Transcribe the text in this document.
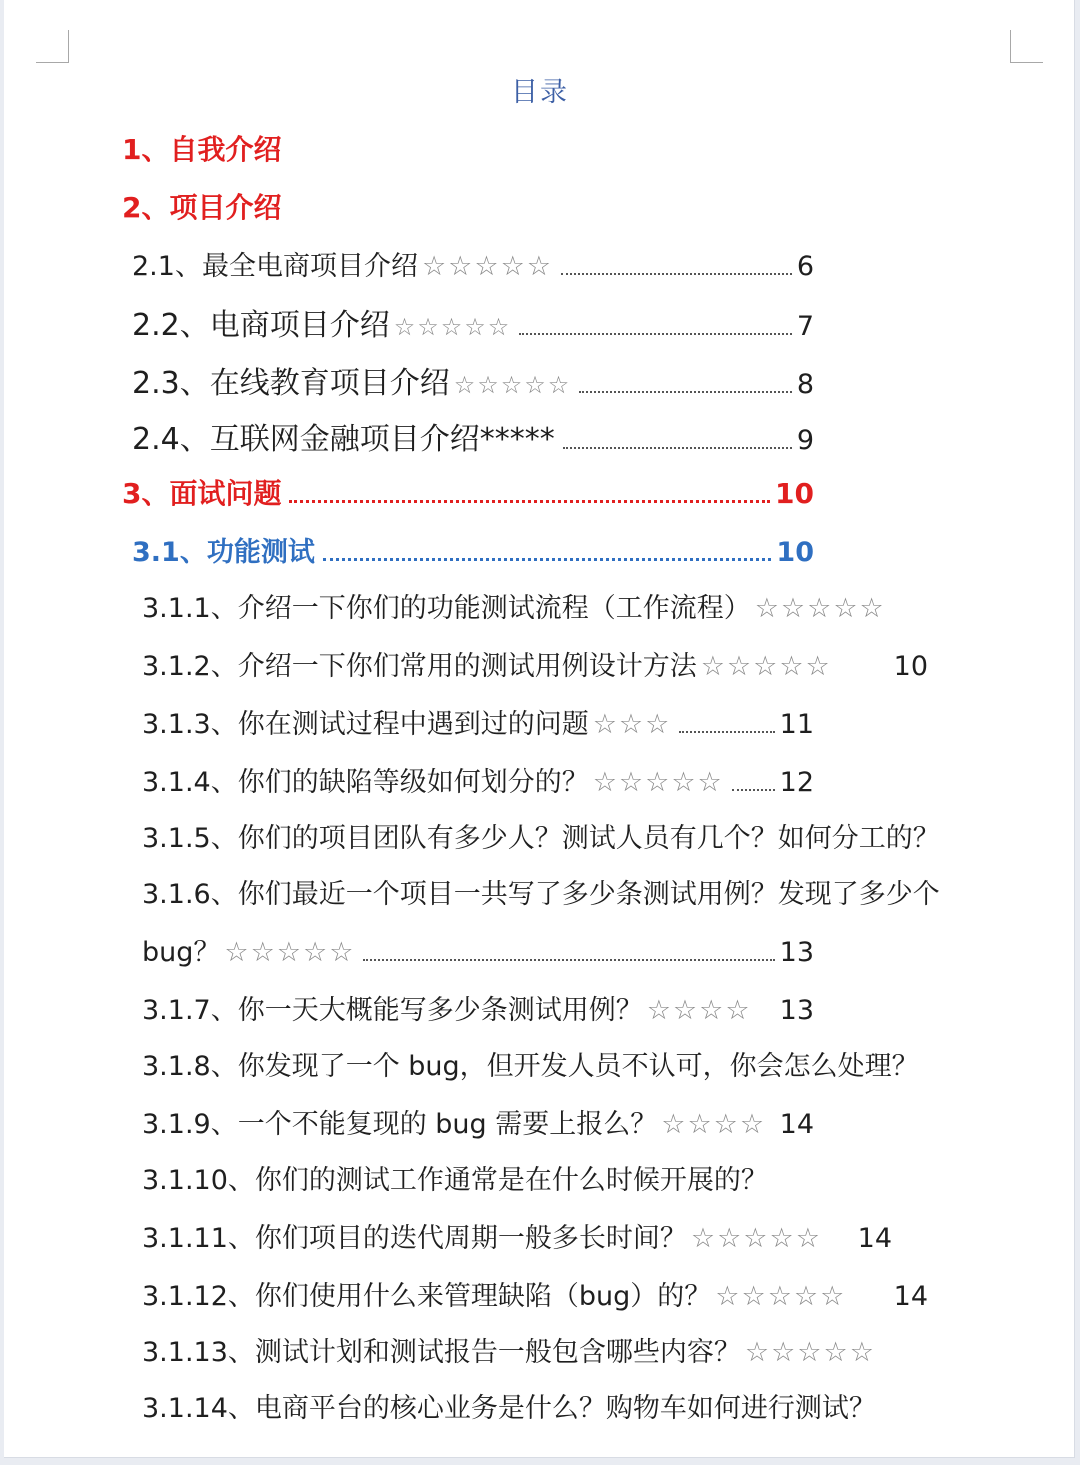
目录
1、自我介绍
2、项目介绍
2.1、最全电商项目介绍 ☆☆☆☆☆	6
2.2、电商项目介绍 ☆☆☆☆☆	7
2.3、在线教育项目介绍 ☆☆☆☆☆	8
2.4、互联网金融项目介绍*****	9
3、面试问题	10
3.1、功能测试	10
3.1.1、介绍一下你们的功能测试流程（工作流程） ☆☆☆☆☆
3.1.2、介绍一下你们常用的测试用例设计方法 ☆☆☆☆☆ 10
3.1.3、你在测试过程中遇到过的问题 ☆☆☆	11
3.1.4、你们的缺陷等级如何划分的？ ☆☆☆☆☆ 12
3.1.5、你们的项目团队有多少人？测试人员有几个？如何分工的？
3.1.6、你们最近一个项目一共写了多少条测试用例？发现了多少个
bug？ ☆☆☆☆☆	13
3.1.7、你一天大概能写多少条测试用例？ ☆☆☆☆ 13
3.1.8、你发现了一个 bug，但开发人员不认可，你会怎么处理？
3.1.9、一个不能复现的 bug 需要上报么？ ☆☆☆☆ 14
3.1.10、你们的测试工作通常是在什么时候开展的？
3.1.11、你们项目的迭代周期一般多长时间？ ☆☆☆☆☆ 14
3.1.12、你们使用什么来管理缺陷（bug）的？ ☆☆☆☆☆ 14
3.1.13、测试计划和测试报告一般包含哪些内容？ ☆☆☆☆☆
3.1.14、电商平台的核心业务是什么？购物车如何进行测试？
